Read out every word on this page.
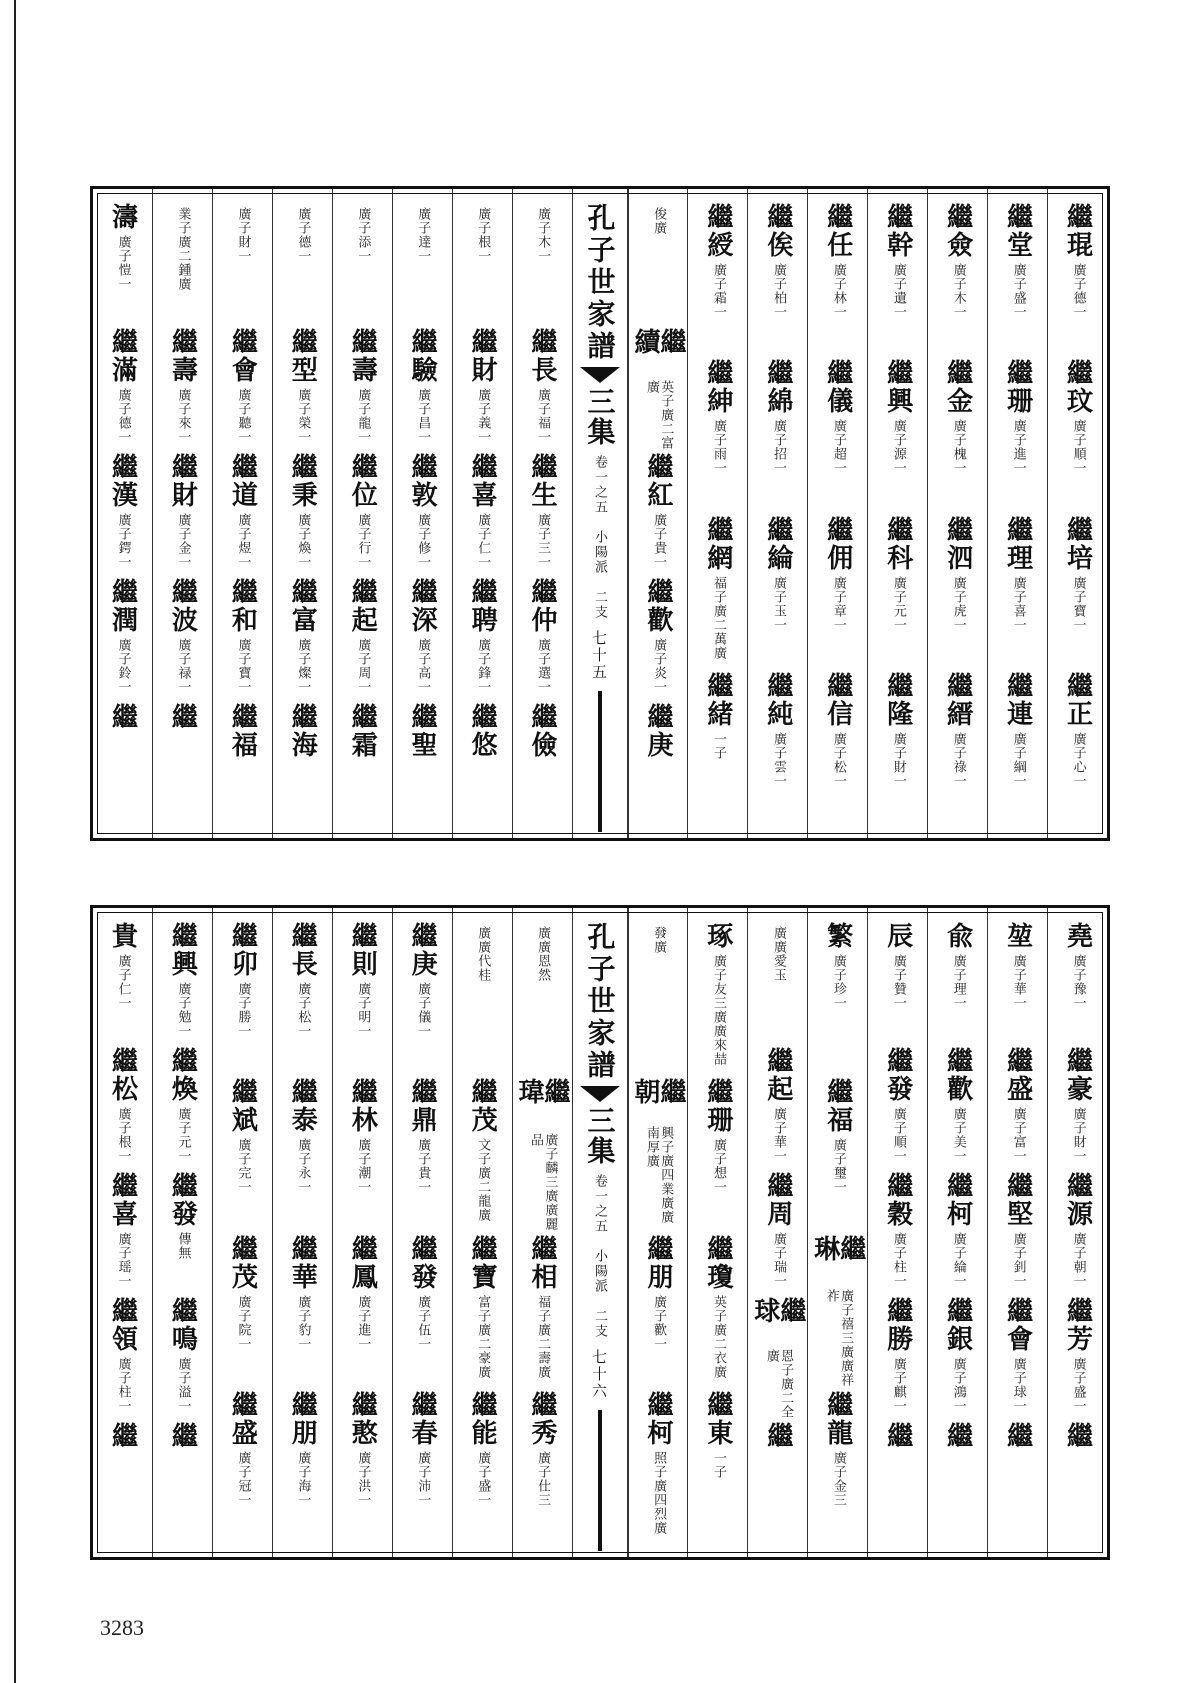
繼琨
廣子德一
繼玟
廣子順一
繼培
廣子寶一
繼正
廣子心一
繼堂
廣子盛一
繼珊
廣子進一
繼理
廣子喜一
繼連
廣子綱一
繼僉
廣子木一
繼金
廣子槐一
繼泗
廣子虎一
繼縉
廣子祿一
繼幹
廣子遺一
繼興
廣子源一
繼科
廣子元一
繼隆
廣子財一
繼任
廣子林一
繼儀
廣子超一
繼佣
廣子章一
繼信
廣子松一
繼俟
廣子柏一
繼綿
廣子招一
繼綸
廣子玉一
繼純
廣子雲一
繼綬
廣子霜一
繼紳
廣子雨一
繼網
福子廣二萬廣
繼緒
一子
俊廣
繼續
英子廣二富廣
繼紅
廣子貴一
繼歡
廣子炎一
繼庚
孔子世家譜
三集
卷一之五　小陽派　二支
七十五
廣子木一
繼長
廣子福一
繼生
廣子三一
繼仲
廣子選一
繼儉
廣子根一
繼財
廣子義一
繼喜
廣子仁一
繼聘
廣子鋒一
繼悠
廣子達一
繼驗
廣子昌一
繼敦
廣子修一
繼深
廣子高一
繼聖
廣子添一
繼壽
廣子龍一
繼位
廣子行一
繼起
廣子周一
繼霜
廣子德一
繼型
廣子榮一
繼秉
廣子煥一
繼富
廣子燦一
繼海
廣子財一
繼會
廣子聽一
繼道
廣子煜一
繼和
廣子寶一
繼福
業子廣二鍾廣
繼壽
廣子來一
繼財
廣子金一
繼波
廣子禄一
繼
濤
廣子愷一
繼滿
廣子德一
繼漢
廣子鍔一
繼潤
廣子鈴一
繼
堯
廣子豫一
繼豪
廣子財一
繼源
廣子朝一
繼芳
廣子盛一
繼
堃
廣子華一
繼盛
廣子富一
繼堅
廣子釗一
繼會
廣子球一
繼
兪
廣子理一
繼歡
廣子美一
繼柯
廣子綸一
繼銀
廣子鴻一
繼
辰
廣子贊一
繼發
廣子順一
繼穀
廣子柱一
繼勝
廣子麒一
繼
繁
廣子珍一
繼福
廣子璽一
繼琳
廣子禧三廣廣祥祚
繼龍
廣子金三
廣廣愛玉
繼起
廣子華一
繼周
廣子瑞一
繼球
恩子廣二全廣
繼
琢
廣子友三廣廣來喆
繼珊
廣子想一
繼瓊
英子廣二衣廣
繼東
一子
發廣
繼朝
興子廣四業廣廣南厚廣
繼朋
廣子歡一
繼柯
照子廣四烈廣
孔子世家譜
三集
卷一之五　小陽派　二支
七十六
廣廣恩然
繼瑋
廣子麟三廣廣麗品
繼相
福子廣二壽廣
繼秀
廣子仕三
廣廣代桂
繼茂
文子廣二龍廣
繼寶
富子廣二豪廣
繼能
廣子盛一
繼庚
廣子儀一
繼鼎
廣子貴一
繼發
廣子伍一
繼春
廣子沛一
繼則
廣子明一
繼林
廣子潮一
繼鳳
廣子進一
繼憨
廣子洪一
繼長
廣子松一
繼泰
廣子永一
繼華
廣子豹一
繼朋
廣子海一
繼卯
廣子勝一
繼斌
廣子完一
繼茂
廣子院一
繼盛
廣子冠一
繼興
廣子勉一
繼煥
廣子元一
繼發
傳無
繼鳴
廣子溢一
繼
貴
廣子仁一
繼松
廣子根一
繼喜
廣子瑶一
繼領
廣子柱一
繼
3283
